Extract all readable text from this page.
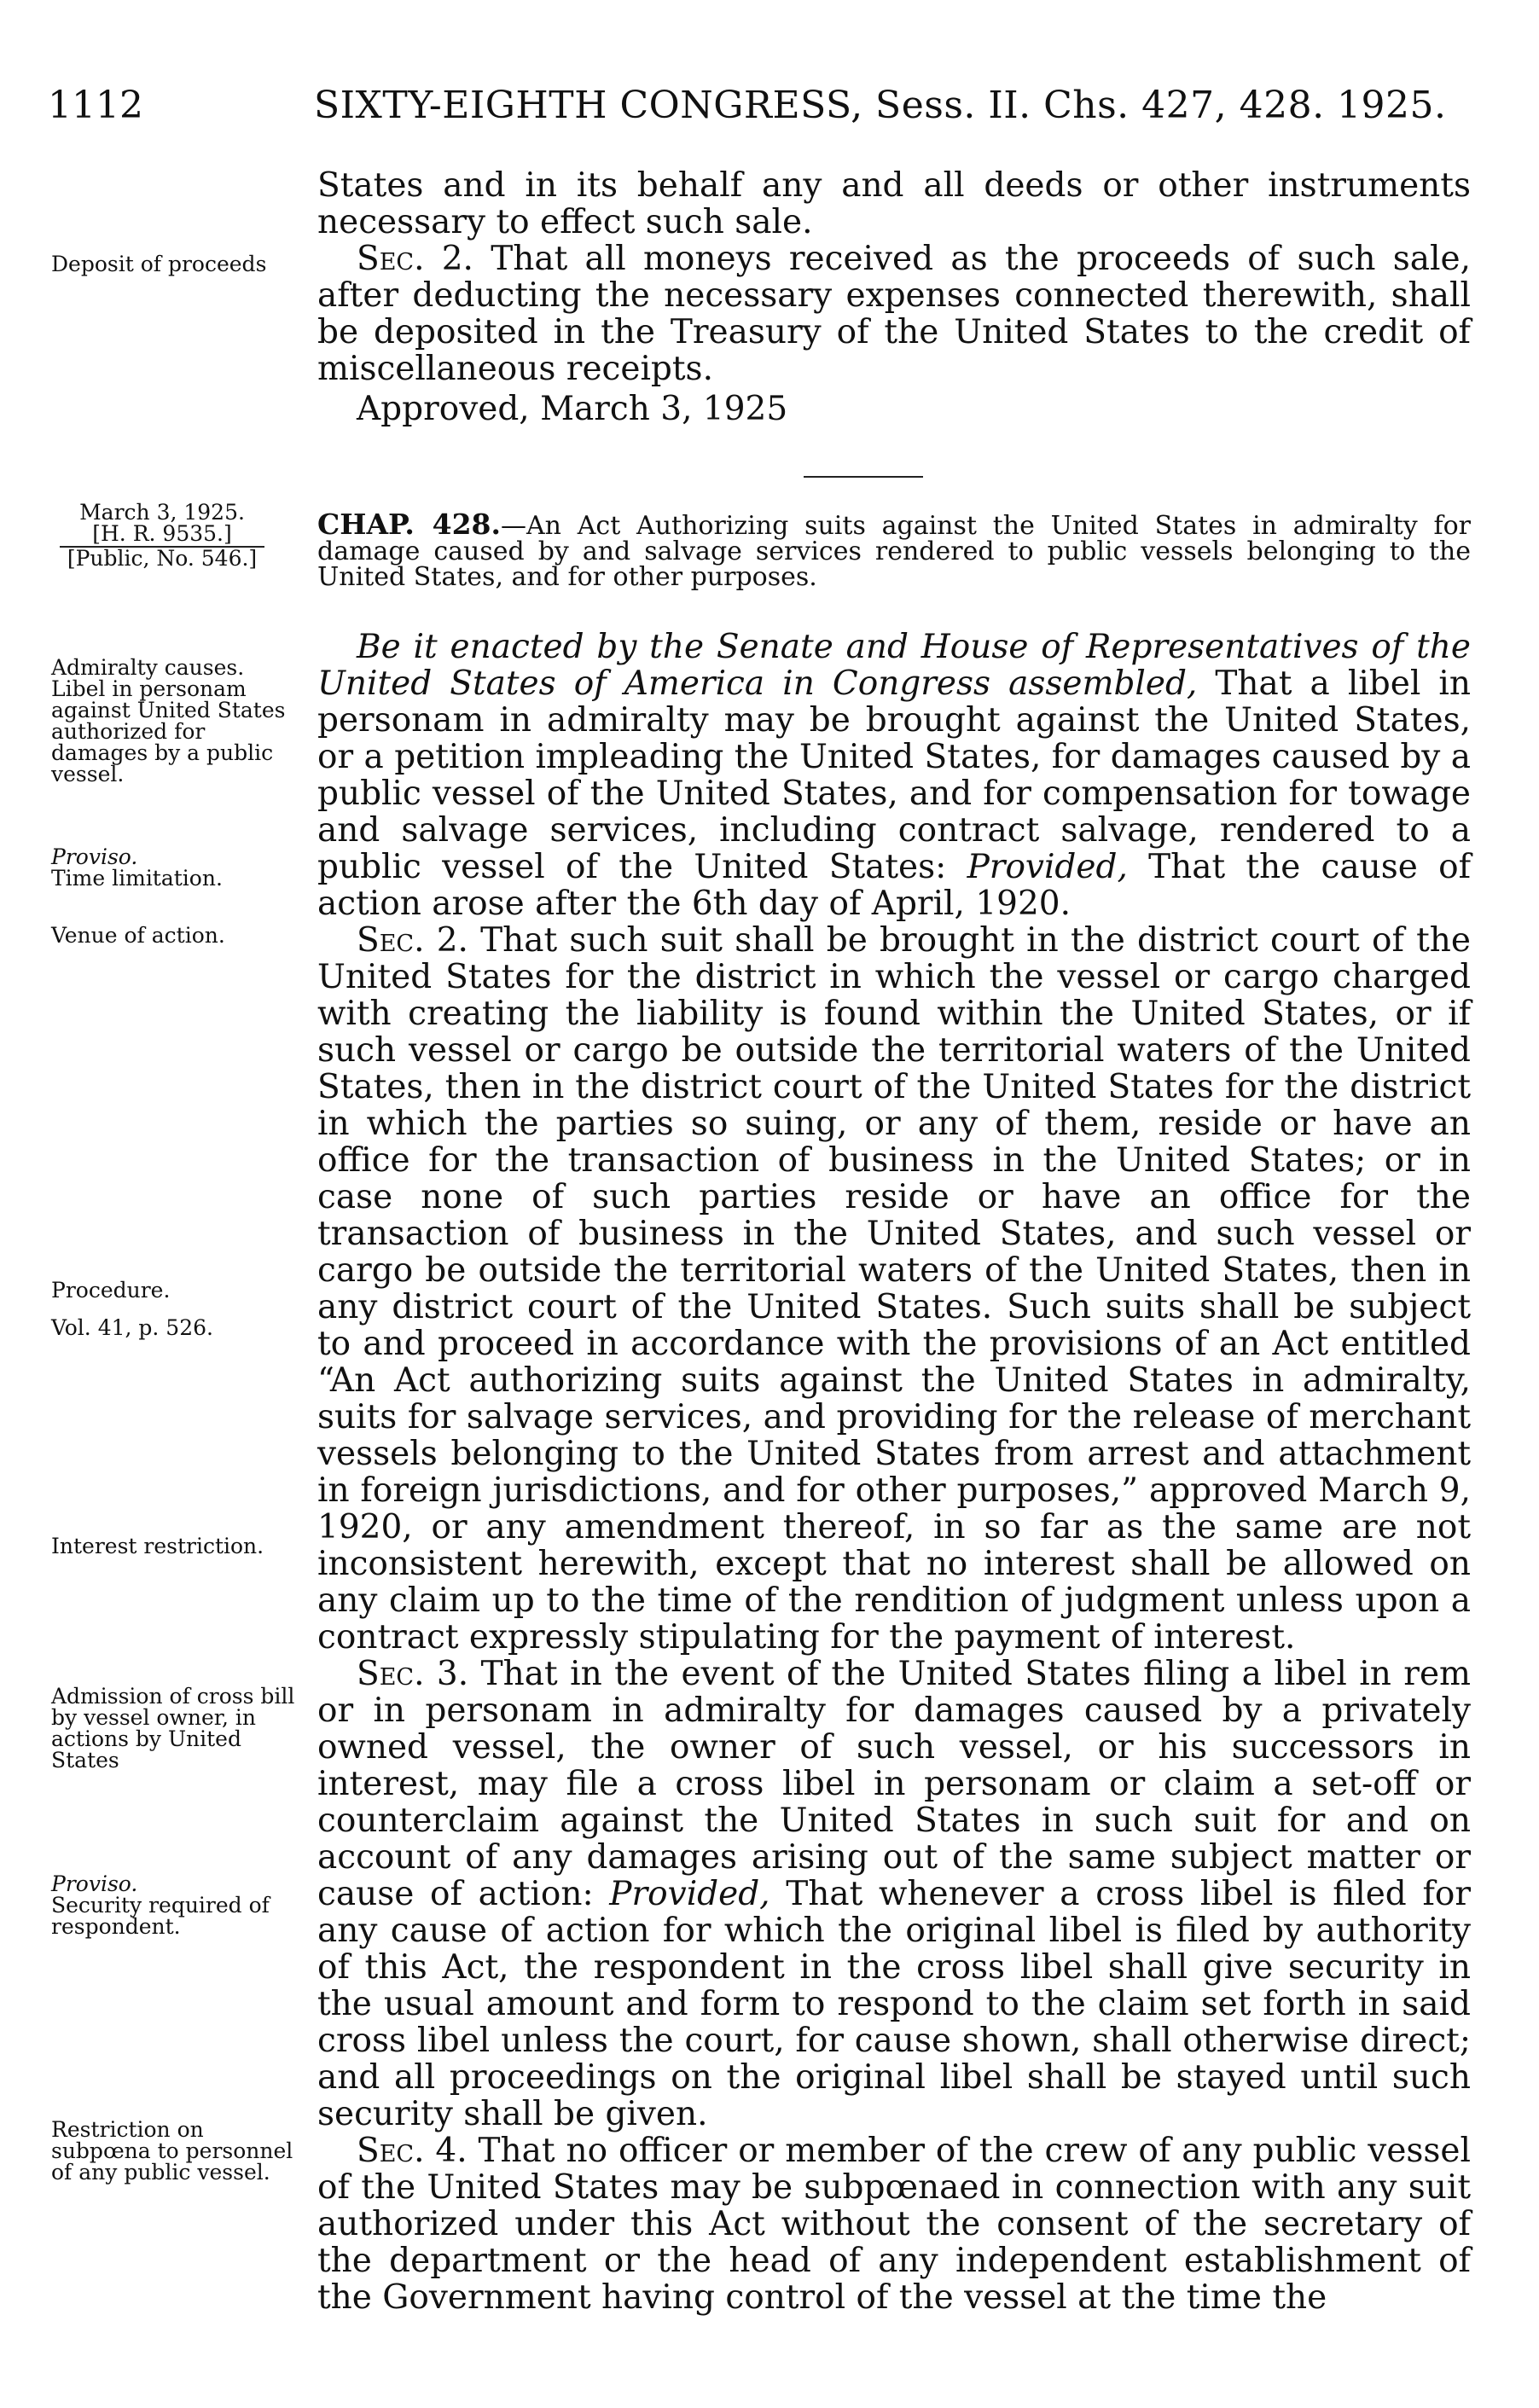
1112	SIXTY-EIGHTH CONGRESS, Sess. II. Chs. 427, 428. 1925.

States and in its behalf any and all deeds or other instruments necessary to effect such sale.

Sec. 2. That all moneys received as the proceeds of such sale, after deducting the necessary expenses connected therewith, shall be deposited in the Treasury of the United States to the credit of miscellaneous receipts.

Approved, March 3, 1925

Deposit of proceeds
March 3, 1925.
[H. R. 9535.]
[Public, No. 546.]
Admiralty causes.
Libel in personam against United States authorized for damages by a public vessel.
Proviso.
Time limitation.
Venue of action.
Procedure.
Vol. 41, p. 526.
Interest restriction.
Admission of cross bill by vessel owner, in actions by United States
Proviso.
Security required of respondent.
Restriction on subpœna to personnel of any public vessel.
CHAP. 428.—An Act Authorizing suits against the United States in admiralty for damage caused by and salvage services rendered to public vessels belonging to the United States, and for other purposes.

Be it enacted by the Senate and House of Representatives of the United States of America in Congress assembled, That a libel in personam in admiralty may be brought against the United States, or a petition impleading the United States, for damages caused by a public vessel of the United States, and for compensation for towage and salvage services, including contract salvage, rendered to a public vessel of the United States: Provided, That the cause of action arose after the 6th day of April, 1920.

Sec. 2. That such suit shall be brought in the district court of the United States for the district in which the vessel or cargo charged with creating the liability is found within the United States, or if such vessel or cargo be outside the territorial waters of the United States, then in the district court of the United States for the district in which the parties so suing, or any of them, reside or have an office for the transaction of business in the United States; or in case none of such parties reside or have an office for the transaction of business in the United States, and such vessel or cargo be outside the territorial waters of the United States, then in any district court of the United States. Such suits shall be subject to and proceed in accordance with the provisions of an Act entitled “An Act authorizing suits against the United States in admiralty, suits for salvage services, and providing for the release of merchant vessels belonging to the United States from arrest and attachment in foreign jurisdictions, and for other purposes,” approved March 9, 1920, or any amendment thereof, in so far as the same are not inconsistent herewith, except that no interest shall be allowed on any claim up to the time of the rendition of judgment unless upon a contract expressly stipulating for the payment of interest.

Sec. 3. That in the event of the United States filing a libel in rem or in personam in admiralty for damages caused by a privately owned vessel, the owner of such vessel, or his successors in interest, may file a cross libel in personam or claim a set-off or counterclaim against the United States in such suit for and on account of any damages arising out of the same subject matter or cause of action: Provided, That whenever a cross libel is filed for any cause of action for which the original libel is filed by authority of this Act, the respondent in the cross libel shall give security in the usual amount and form to respond to the claim set forth in said cross libel unless the court, for cause shown, shall otherwise direct; and all proceedings on the original libel shall be stayed until such security shall be given.

Sec. 4. That no officer or member of the crew of any public vessel of the United States may be subpœnaed in connection with any suit authorized under this Act without the consent of the secretary of the department or the head of any independent establishment of the Government having control of the vessel at the time the
